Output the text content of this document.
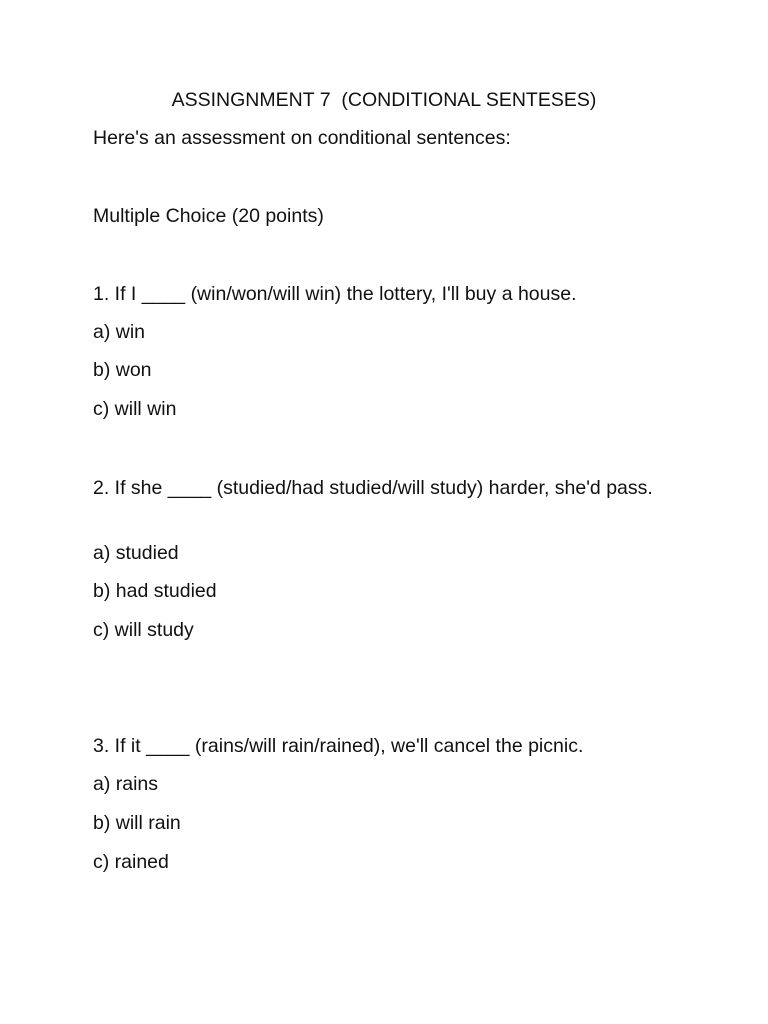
ASSINGNMENT 7  (CONDITIONAL SENTESES)
Here's an assessment on conditional sentences:
Multiple Choice (20 points)
1. If I ____ (win/won/will win) the lottery, I'll buy a house.
a) win
b) won
c) will win
2. If she ____ (studied/had studied/will study) harder, she'd pass.
a) studied
b) had studied
c) will study
3. If it ____ (rains/will rain/rained), we'll cancel the picnic.
a) rains
b) will rain
c) rained
